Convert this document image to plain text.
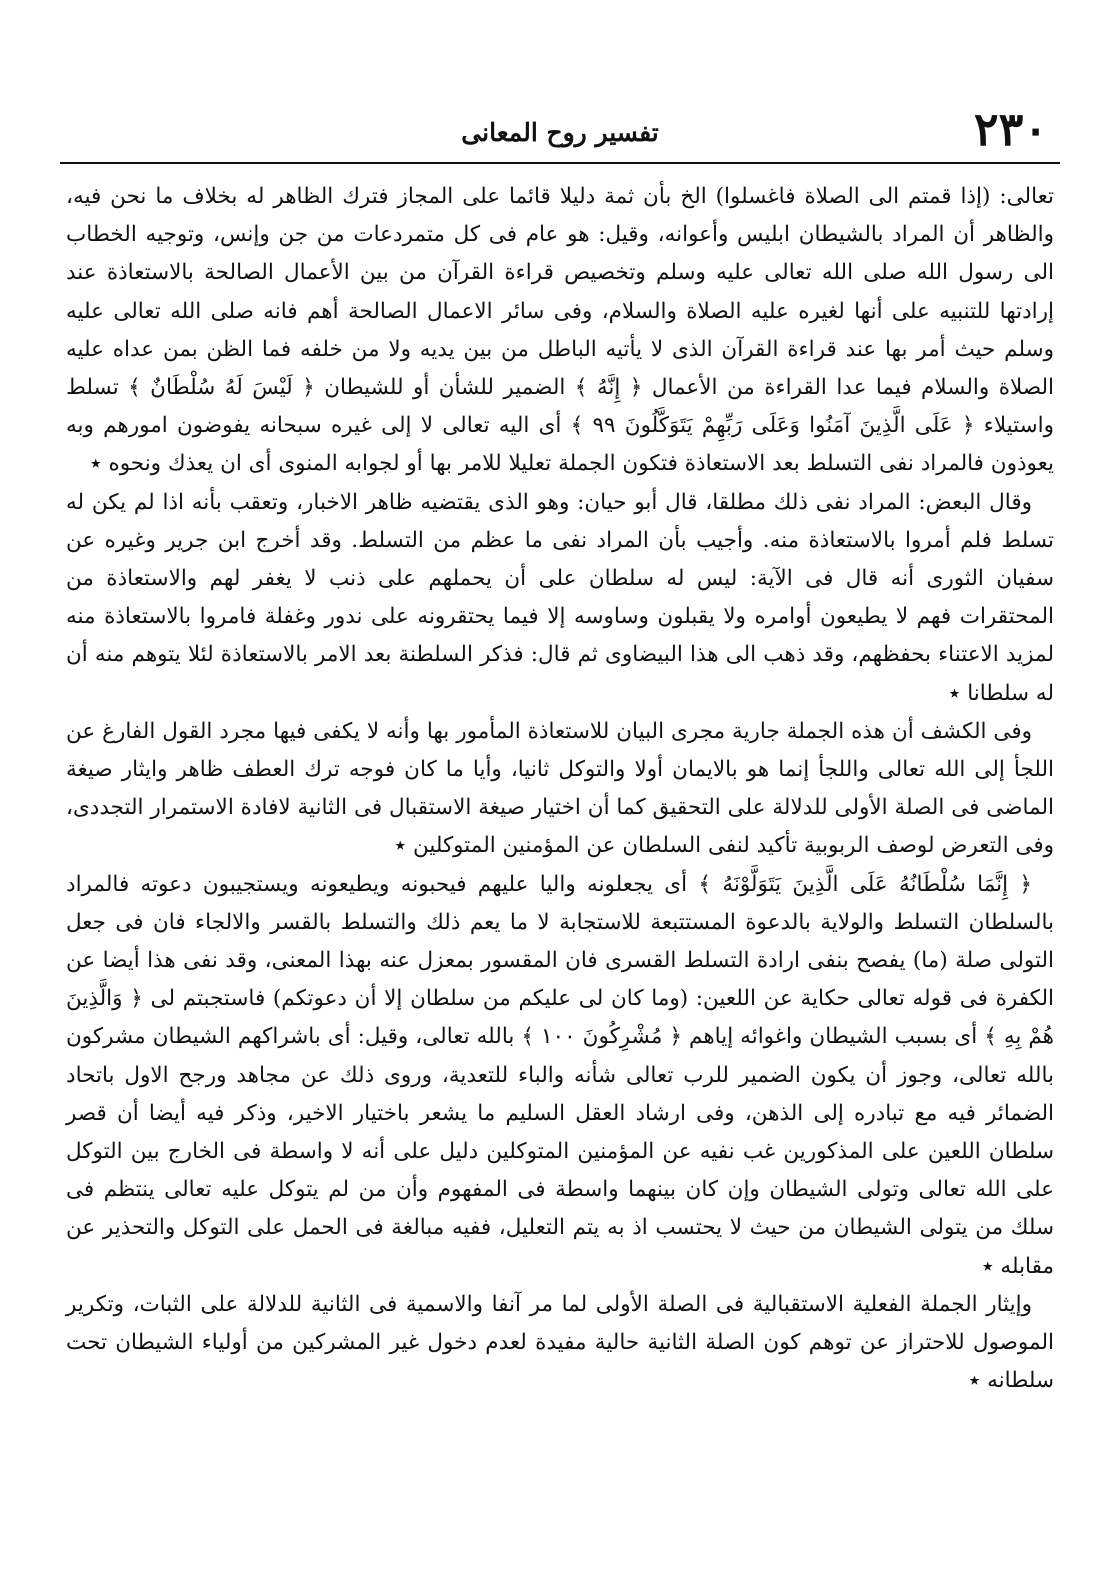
٢٣٠
تفسير روح المعانى

تعالى: (إذا قمتم الى الصلاة فاغسلوا) الخ بأن ثمة دليلا قائما على المجاز فترك الظاهر له بخلاف ما نحن فيه، والظاهر أن المراد بالشيطان ابليس وأعوانه، وقيل: هو عام فى كل متمردعات من جن وإنس، وتوجيه الخطاب الى رسول الله صلى الله تعالى عليه وسلم وتخصيص قراءة القرآن من بين الأعمال الصالحة بالاستعاذة عند إرادتها للتنبيه على أنها لغيره عليه الصلاة والسلام، وفى سائر الاعمال الصالحة أهم فانه صلى الله تعالى عليه وسلم حيث أمر بها عند قراءة القرآن الذى لا يأتيه الباطل من بين يديه ولا من خلفه فما الظن بمن عداه عليه الصلاة والسلام فيما عدا القراءة من الأعمال ﴿ إِنَّهُ ﴾ الضمير للشأن أو للشيطان ﴿ لَيْسَ لَهُ سُلْطَانٌ ﴾ تسلط واستيلاء ﴿ عَلَى الَّذِينَ آمَنُوا وَعَلَى رَبِّهِمْ يَتَوَكَّلُونَ ٩٩ ﴾ أى اليه تعالى لا إلى غيره سبحانه يفوضون امورهم وبه يعوذون فالمراد نفى التسلط بعد الاستعاذة فتكون الجملة تعليلا للامر بها أو لجوابه المنوى أى ان يعذك ونحوه ٭

وقال البعض: المراد نفى ذلك مطلقا، قال أبو حيان: وهو الذى يقتضيه ظاهر الاخبار، وتعقب بأنه اذا لم يكن له تسلط فلم أمروا بالاستعاذة منه. وأجيب بأن المراد نفى ما عظم من التسلط. وقد أخرج ابن جرير وغيره عن سفيان الثورى أنه قال فى الآية: ليس له سلطان على أن يحملهم على ذنب لا يغفر لهم والاستعاذة من المحتقرات فهم لا يطيعون أوامره ولا يقبلون وساوسه إلا فيما يحتقرونه على ندور وغفلة فامروا بالاستعاذة منه لمزيد الاعتناء بحفظهم، وقد ذهب الى هذا البيضاوى ثم قال: فذكر السلطنة بعد الامر بالاستعاذة لئلا يتوهم منه أن له سلطانا ٭

وفى الكشف أن هذه الجملة جارية مجرى البيان للاستعاذة المأمور بها وأنه لا يكفى فيها مجرد القول الفارغ عن اللجأ إلى الله تعالى واللجأ إنما هو بالايمان أولا والتوكل ثانيا، وأيا ما كان فوجه ترك العطف ظاهر وايثار صيغة الماضى فى الصلة الأولى للدلالة على التحقيق كما أن اختيار صيغة الاستقبال فى الثانية لافادة الاستمرار التجددى، وفى التعرض لوصف الربوبية تأكيد لنفى السلطان عن المؤمنين المتوكلين ٭

﴿ إِنَّمَا سُلْطَانُهُ عَلَى الَّذِينَ يَتَوَلَّوْنَهُ ﴾ أى يجعلونه واليا عليهم فيحبونه ويطيعونه ويستجيبون دعوته فالمراد بالسلطان التسلط والولاية بالدعوة المستتبعة للاستجابة لا ما يعم ذلك والتسلط بالقسر والالجاء فان فى جعل التولى صلة (ما) يفصح بنفى ارادة التسلط القسرى فان المقسور بمعزل عنه بهذا المعنى، وقد نفى هذا أيضا عن الكفرة فى قوله تعالى حكاية عن اللعين: (وما كان لى عليكم من سلطان إلا أن دعوتكم) فاستجبتم لى ﴿ وَالَّذِينَ هُمْ بِهِ ﴾ أى بسبب الشيطان واغوائه إياهم ﴿ مُشْرِكُونَ ١٠٠ ﴾ بالله تعالى، وقيل: أى باشراكهم الشيطان مشركون بالله تعالى، وجوز أن يكون الضمير للرب تعالى شأنه والباء للتعدية، وروى ذلك عن مجاهد ورجح الاول باتحاد الضمائر فيه مع تبادره إلى الذهن، وفى ارشاد العقل السليم ما يشعر باختيار الاخير، وذكر فيه أيضا أن قصر سلطان اللعين على المذكورين غب نفيه عن المؤمنين المتوكلين دليل على أنه لا واسطة فى الخارج بين التوكل على الله تعالى وتولى الشيطان وإن كان بينهما واسطة فى المفهوم وأن من لم يتوكل عليه تعالى ينتظم فى سلك من يتولى الشيطان من حيث لا يحتسب اذ به يتم التعليل، ففيه مبالغة فى الحمل على التوكل والتحذير عن مقابله ٭

وإيثار الجملة الفعلية الاستقبالية فى الصلة الأولى لما مر آنفا والاسمية فى الثانية للدلالة على الثبات، وتكرير الموصول للاحتراز عن توهم كون الصلة الثانية حالية مفيدة لعدم دخول غير المشركين من أولياء الشيطان تحت سلطانه ٭
